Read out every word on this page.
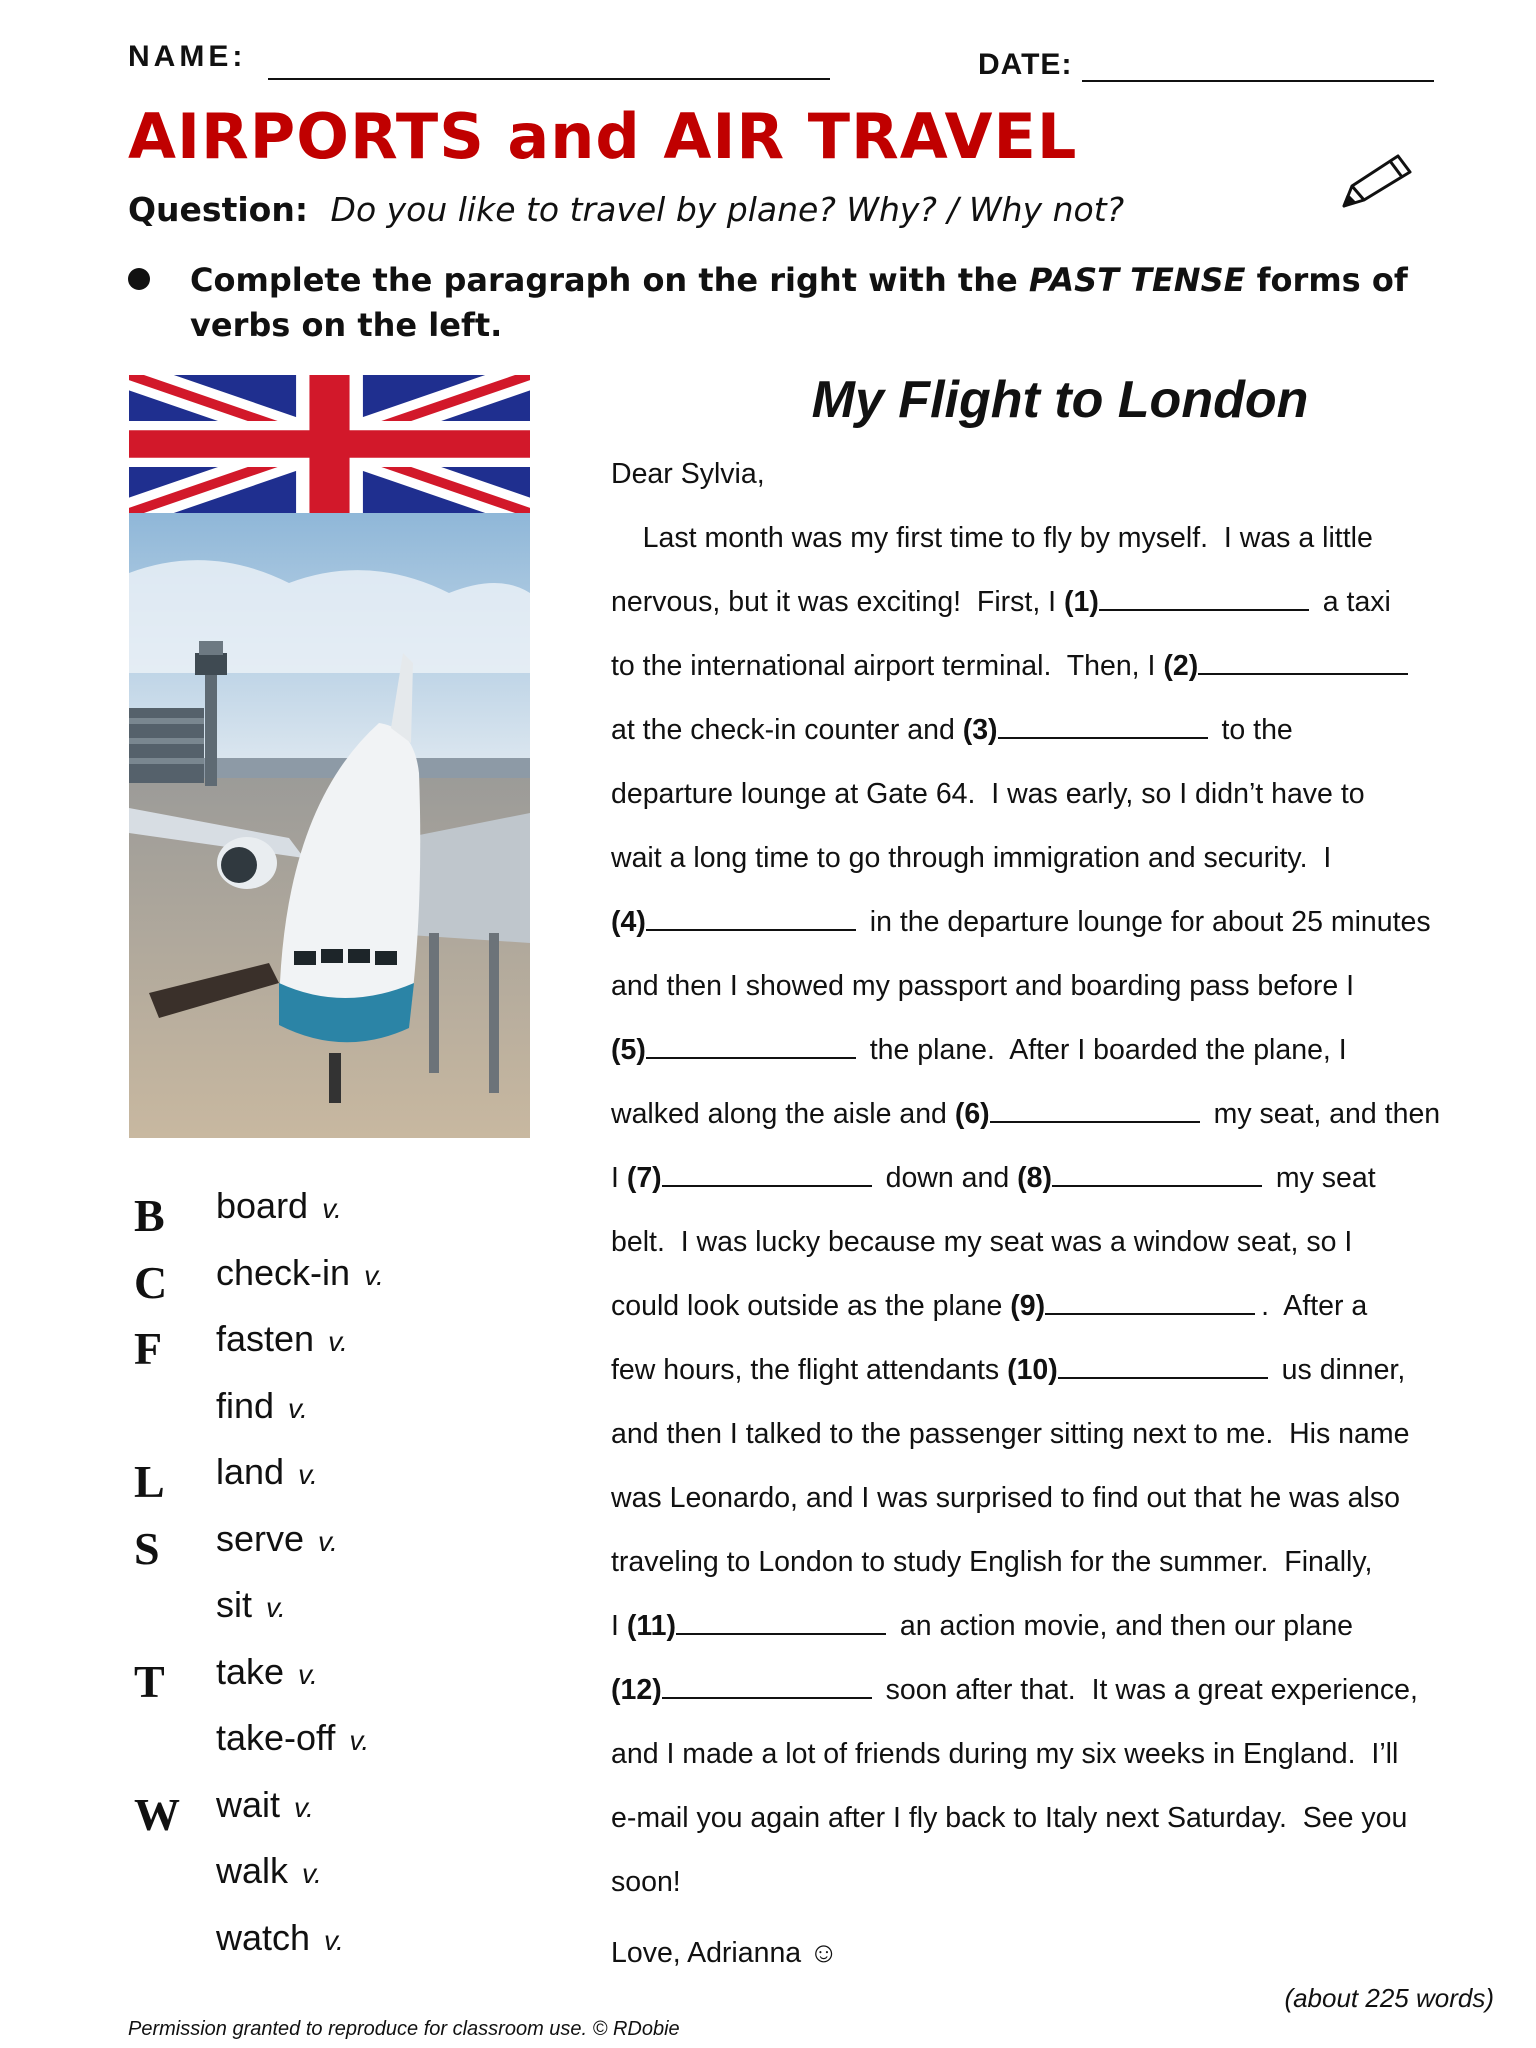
NAME:	DATE:
AIRPORTS and AIR TRAVEL
Question: Do you like to travel by plane? Why? / Why not?
Complete the paragraph on the right with the PAST TENSE forms of verbs on the left.
B board v.
C check-in v.
F fasten v.
find v.
L land v.
S serve v.
sit v.
T take v.
take-off v.
W wait v.
walk v.
watch v.
My Flight to London
Dear Sylvia,
Last month was my first time to fly by myself.  I was a little
nervous, but it was exciting!  First, I (1)	a taxi
to the international airport terminal.  Then, I (2)
at the check-in counter and (3)	to the
departure lounge at Gate 64.  I was early, so I didn’t have to
wait a long time to go through immigration and security.  I
(4)	in the departure lounge for about 25 minutes
and then I showed my passport and boarding pass before I
(5)	the plane.  After I boarded the plane, I
walked along the aisle and (6)	my seat, and then
I (7)	down and (8)	my seat
belt.  I was lucky because my seat was a window seat, so I
could look outside as the plane (9)	.  After a
few hours, the flight attendants (10)	us dinner,
and then I talked to the passenger sitting next to me.  His name
was Leonardo, and I was surprised to find out that he was also
traveling to London to study English for the summer.  Finally,
I (11)	an action movie, and then our plane
(12)	soon after that.  It was a great experience,
and I made a lot of friends during my six weeks in England.  I’ll
e-mail you again after I fly back to Italy next Saturday.  See you
soon!
Love, Adrianna ☺
(about 225 words)
Permission granted to reproduce for classroom use. © RDobie
